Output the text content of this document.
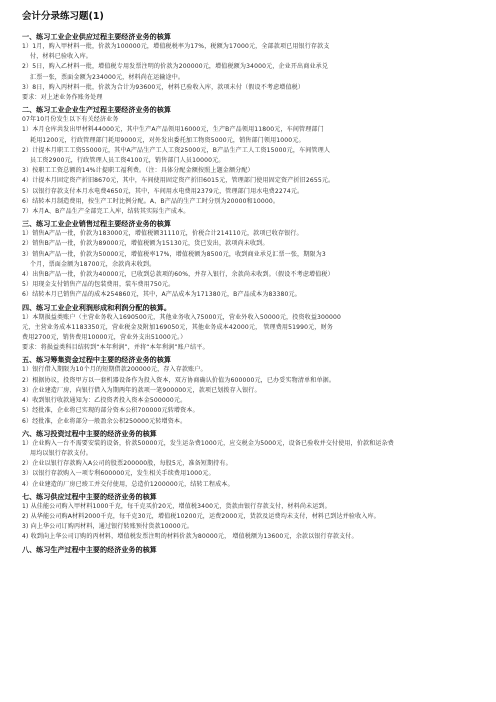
会计分录练习题(1)
一、练习工业企业供应过程主要经济业务的核算
1）1月，购入甲材料一批，价款为100000元，增值税税率为17%，税额为17000元，全部款项已用银行存款支
付，材料已验收入库。
2）5日，购入乙材料一批，增值税专用发票注明的价款为200000元，增值税额为34000元，企业开出商业承兑
汇票一张，票面金额为234000元，材料尚在运输途中。
3）8日，购入丙材料一批，价款为合计为93600元，材料已验收入库，款项未付（假设不考虑增值税）
要求：对上述业务作账务处理
二、练习工业企业生产过程主要经济业务的核算
07年10月份发生以下有关经济业务
1）本月仓库共发出甲材料44000元，其中生产A产品领用16000元，生产B产品领用11800元，车间管理部门
耗用1200元，行政管理部门耗用9000元，对外发出委托加工物资5000元，销售部门领用1000元。
2）计提本月职工工资55000元，其中A产品生产工人工资25000元，B产品生产工人工资15000元，车间管理人
员工资2900元，行政管理人员工资4100元，销售部门人员10000元。
3）按职工工资总额的14%计提职工福利费。（注：具体分配金额按照上题金额分配）
4）计提本月固定资产折旧8670元，其中，车间使用固定资产折旧6015元，管理部门使用固定资产折旧2655元。
5）以银行存款支付本月水电费4650元，其中，车间用水电费用2379元，管理部门用水电费2274元。
6）结转本月制造费用，按生产工时比例分配。A、B产品的生产工时分别为20000和10000。
7）本月A、B产品生产全部完工入库，结转其实际生产成本。
三、练习工业企业销售过程主要经济业务的核算
1）销售A产品一批，价款为183000元，增值税额31110元，价税合计214110元，款项已收存银行。
2）销售B产品一批，价款为89000元，增值税额为15130元，货已发出，款项尚未收到。
3）销售A产品一批，价款为50000元，增值税率17%，增值税额为8500元，收到商业承兑汇票一张，期限为3
个月，票面金额为18700元，余款尚未收到。
4）出售B产品一批，价款为40000元，已收到总款项的60%，并存入银行，余款尚未收到。（假设不考虑增值税）
5）用现金支付销售产品的包装费用，装车费用750元。
6）结转本月已销售产品的成本254860元，其中，A产品成本为171380元，B产品成本为83380元。
四、练习工业企业利润形成和利润分配的核算。
1）本期损益类账户（主营业务收入1690500元，其他业务收入75000元，营业外收入50000元，投资收益300000
元，主营业务成本1183350元，营业税金及附加169050元，其他业务成本42000元， 管理费用51990元，财务
费用2700元，销售费用10000元，营业外支出51000元。）
要求：将损益类科目结转到“本年利润”，并将“本年利润”账户结平。
五、练习筹集资金过程中主要的经济业务的核算
1）银行借入期限为10个月的短期借款200000元，存入存款账户。
2）根据协议，投资甲方以一套机器设备作为投入资本，双方协商确认价值为600000元，已办妥实物清单和单据。
3）企业建造厂房，向银行借入为期两年的款项一笔900000元，款项已划拨存入银行。
4）收到银行收款通知为：乙投资者投入资本金500000元。
5）经批准，企业将已实现的部分资本公积700000元转增资本。
6）经批准，企业将部分一般盈余公积250000元转增资本。
六、练习投资过程中主要的经济业务的核算
1）企业购入一台不需要安装的设备，价款50000元，发生运杂费1000元，应交税金为5000元，设备已验收并交付使用，价款和运杂费
用均以银行存款支付。
2）企业以银行存款购入A公司的股票200000股，每股5元，准备短期持有。
3）以银行存款购入一项专利600000元，发生相关手续费用1000元。
4）企业建造的厂房已竣工并交付使用，总造价1200000元，结转工程成本。
七、练习供应过程中主要的经济业务的核算
1) 从佳能公司购入甲材料1000千克，每千克买价20元，增值税3400元，货款由银行存款支付，材料尚未运到。
2) 从华能公司购A材料2000千克，每千克30元，增值税10200元，运费2000元，货款及运费均未支付，材料已到达并验收入库。
3) 向上华公司订购丙材料，通过银行转账预付货款10000元。
4) 收到向上华公司订购的丙材料，增值税发票注明的材料价款为80000元， 增值税额为13600元，余款以银行存款支付。
八、练习生产过程中主要的经济业务的核算
